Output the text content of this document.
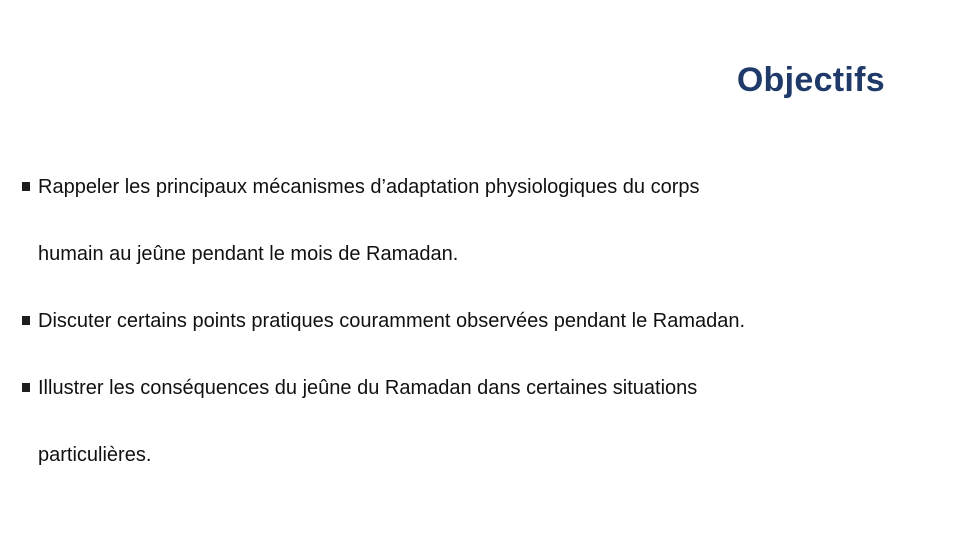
Objectifs
Rappeler les principaux mécanismes d’adaptation physiologiques du corps
humain au jeûne pendant le mois de Ramadan.
Discuter certains points pratiques couramment observées pendant le Ramadan.
Illustrer les conséquences du jeûne du Ramadan dans certaines situations
particulières.
